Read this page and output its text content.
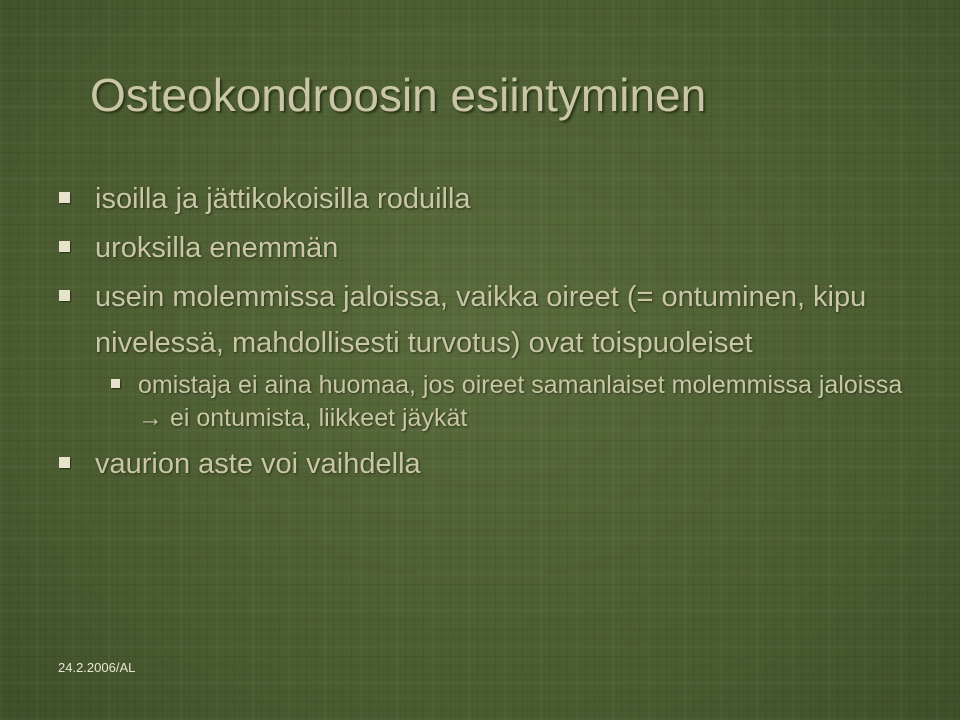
Osteokondroosin esiintyminen
isoilla ja jättikokoisilla roduilla
uroksilla enemmän
usein molemmissa jaloissa, vaikka oireet (= ontuminen, kipu nivelessä, mahdollisesti turvotus) ovat toispuoleiset
omistaja ei aina huomaa, jos oireet samanlaiset molemmissa jaloissa → ei ontumista, liikkeet jäykät
vaurion aste voi vaihdella
24.2.2006/AL
